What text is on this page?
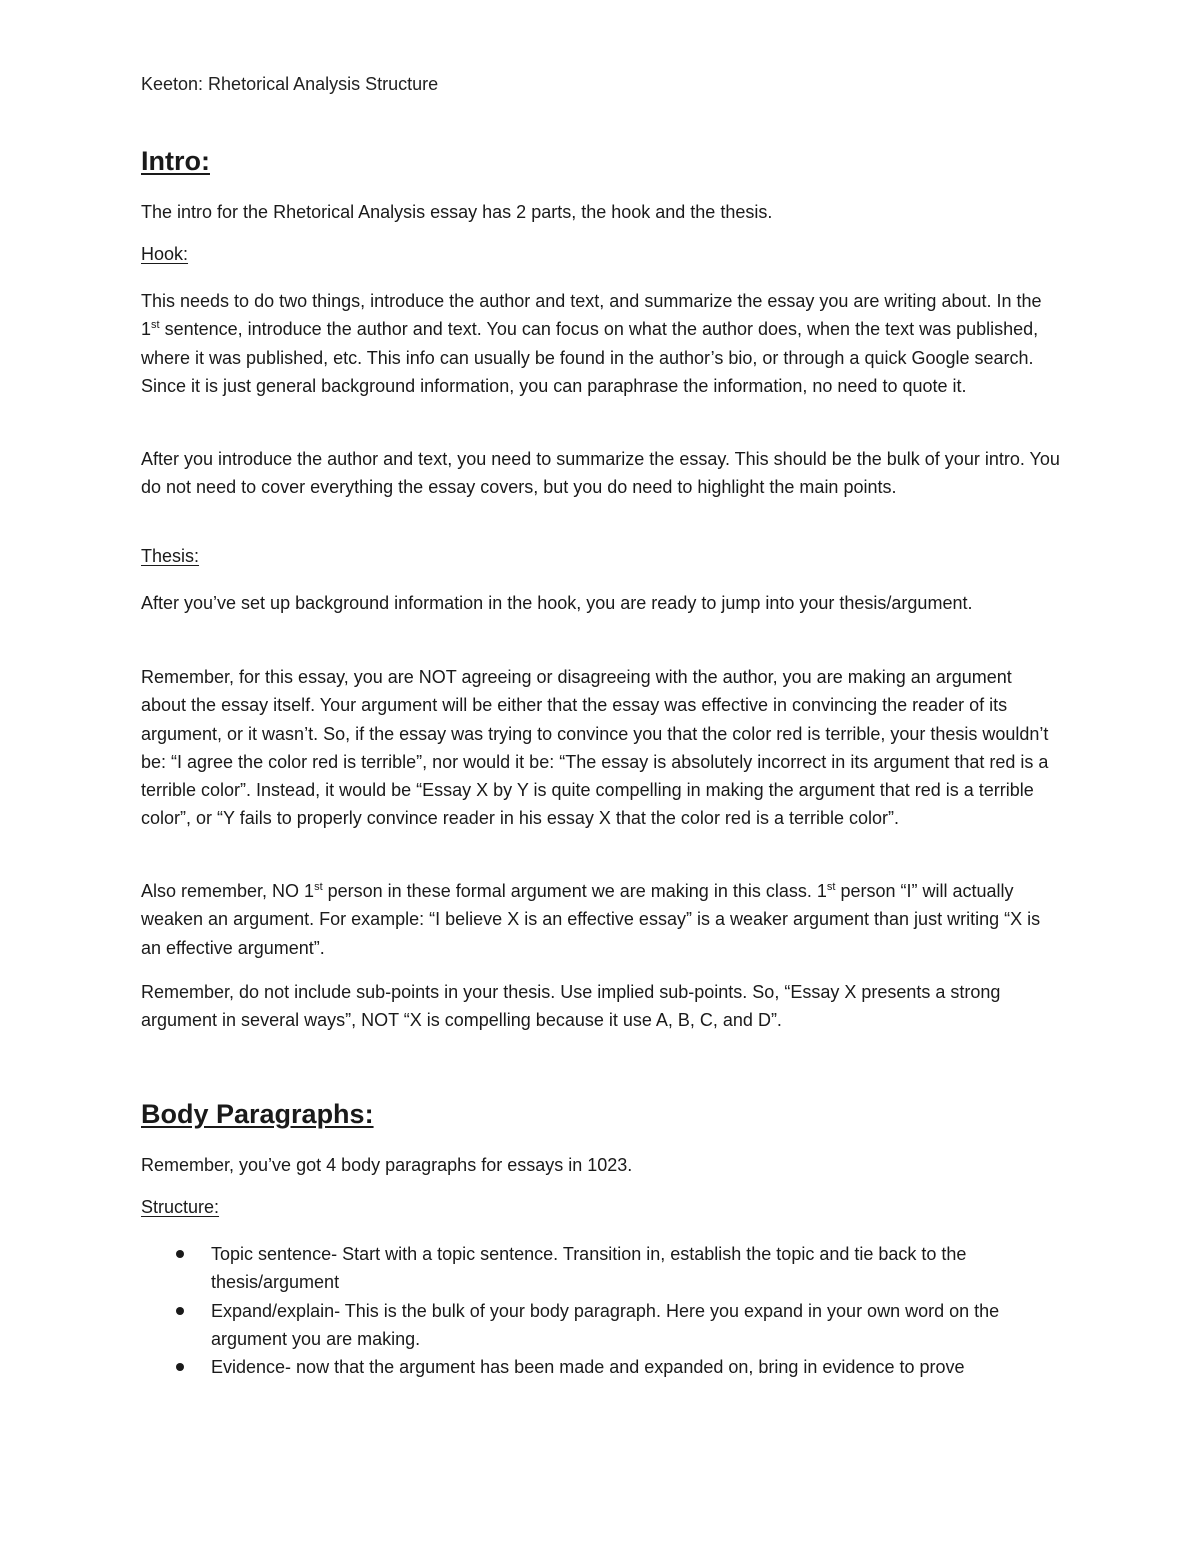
Keeton: Rhetorical Analysis Structure
Intro:

The intro for the Rhetorical Analysis essay has 2 parts, the hook and the thesis.

Hook:

This needs to do two things, introduce the author and text, and summarize the essay you are writing about. In the 1st sentence, introduce the author and text. You can focus on what the author does, when the text was published, where it was published, etc. This info can usually be found in the author’s bio, or through a quick Google search. Since it is just general background information, you can paraphrase the information, no need to quote it.

After you introduce the author and text, you need to summarize the essay. This should be the bulk of your intro. You do not need to cover everything the essay covers, but you do need to highlight the main points.

Thesis:

After you’ve set up background information in the hook, you are ready to jump into your thesis/argument.

Remember, for this essay, you are NOT agreeing or disagreeing with the author, you are making an argument about the essay itself. Your argument will be either that the essay was effective in convincing the reader of its argument, or it wasn’t. So, if the essay was trying to convince you that the color red is terrible, your thesis wouldn’t be: “I agree the color red is terrible”, nor would it be: “The essay is absolutely incorrect in its argument that red is a terrible color”. Instead, it would be “Essay X by Y is quite compelling in making the argument that red is a terrible color”, or “Y fails to properly convince reader in his essay X that the color red is a terrible color”.

Also remember, NO 1st person in these formal argument we are making in this class. 1st person “I” will actually weaken an argument. For example: “I believe X is an effective essay” is a weaker argument than just writing “X is an effective argument”.

Remember, do not include sub-points in your thesis. Use implied sub-points. So, “Essay X presents a strong argument in several ways”, NOT “X is compelling because it use A, B, C, and D”.

Body Paragraphs:

Remember, you’ve got 4 body paragraphs for essays in 1023.

Structure:
Topic sentence- Start with a topic sentence. Transition in, establish the topic and tie back to the thesis/argument
Expand/explain- This is the bulk of your body paragraph. Here you expand in your own word on the argument you are making.
Evidence- now that the argument has been made and expanded on, bring in evidence to prove
